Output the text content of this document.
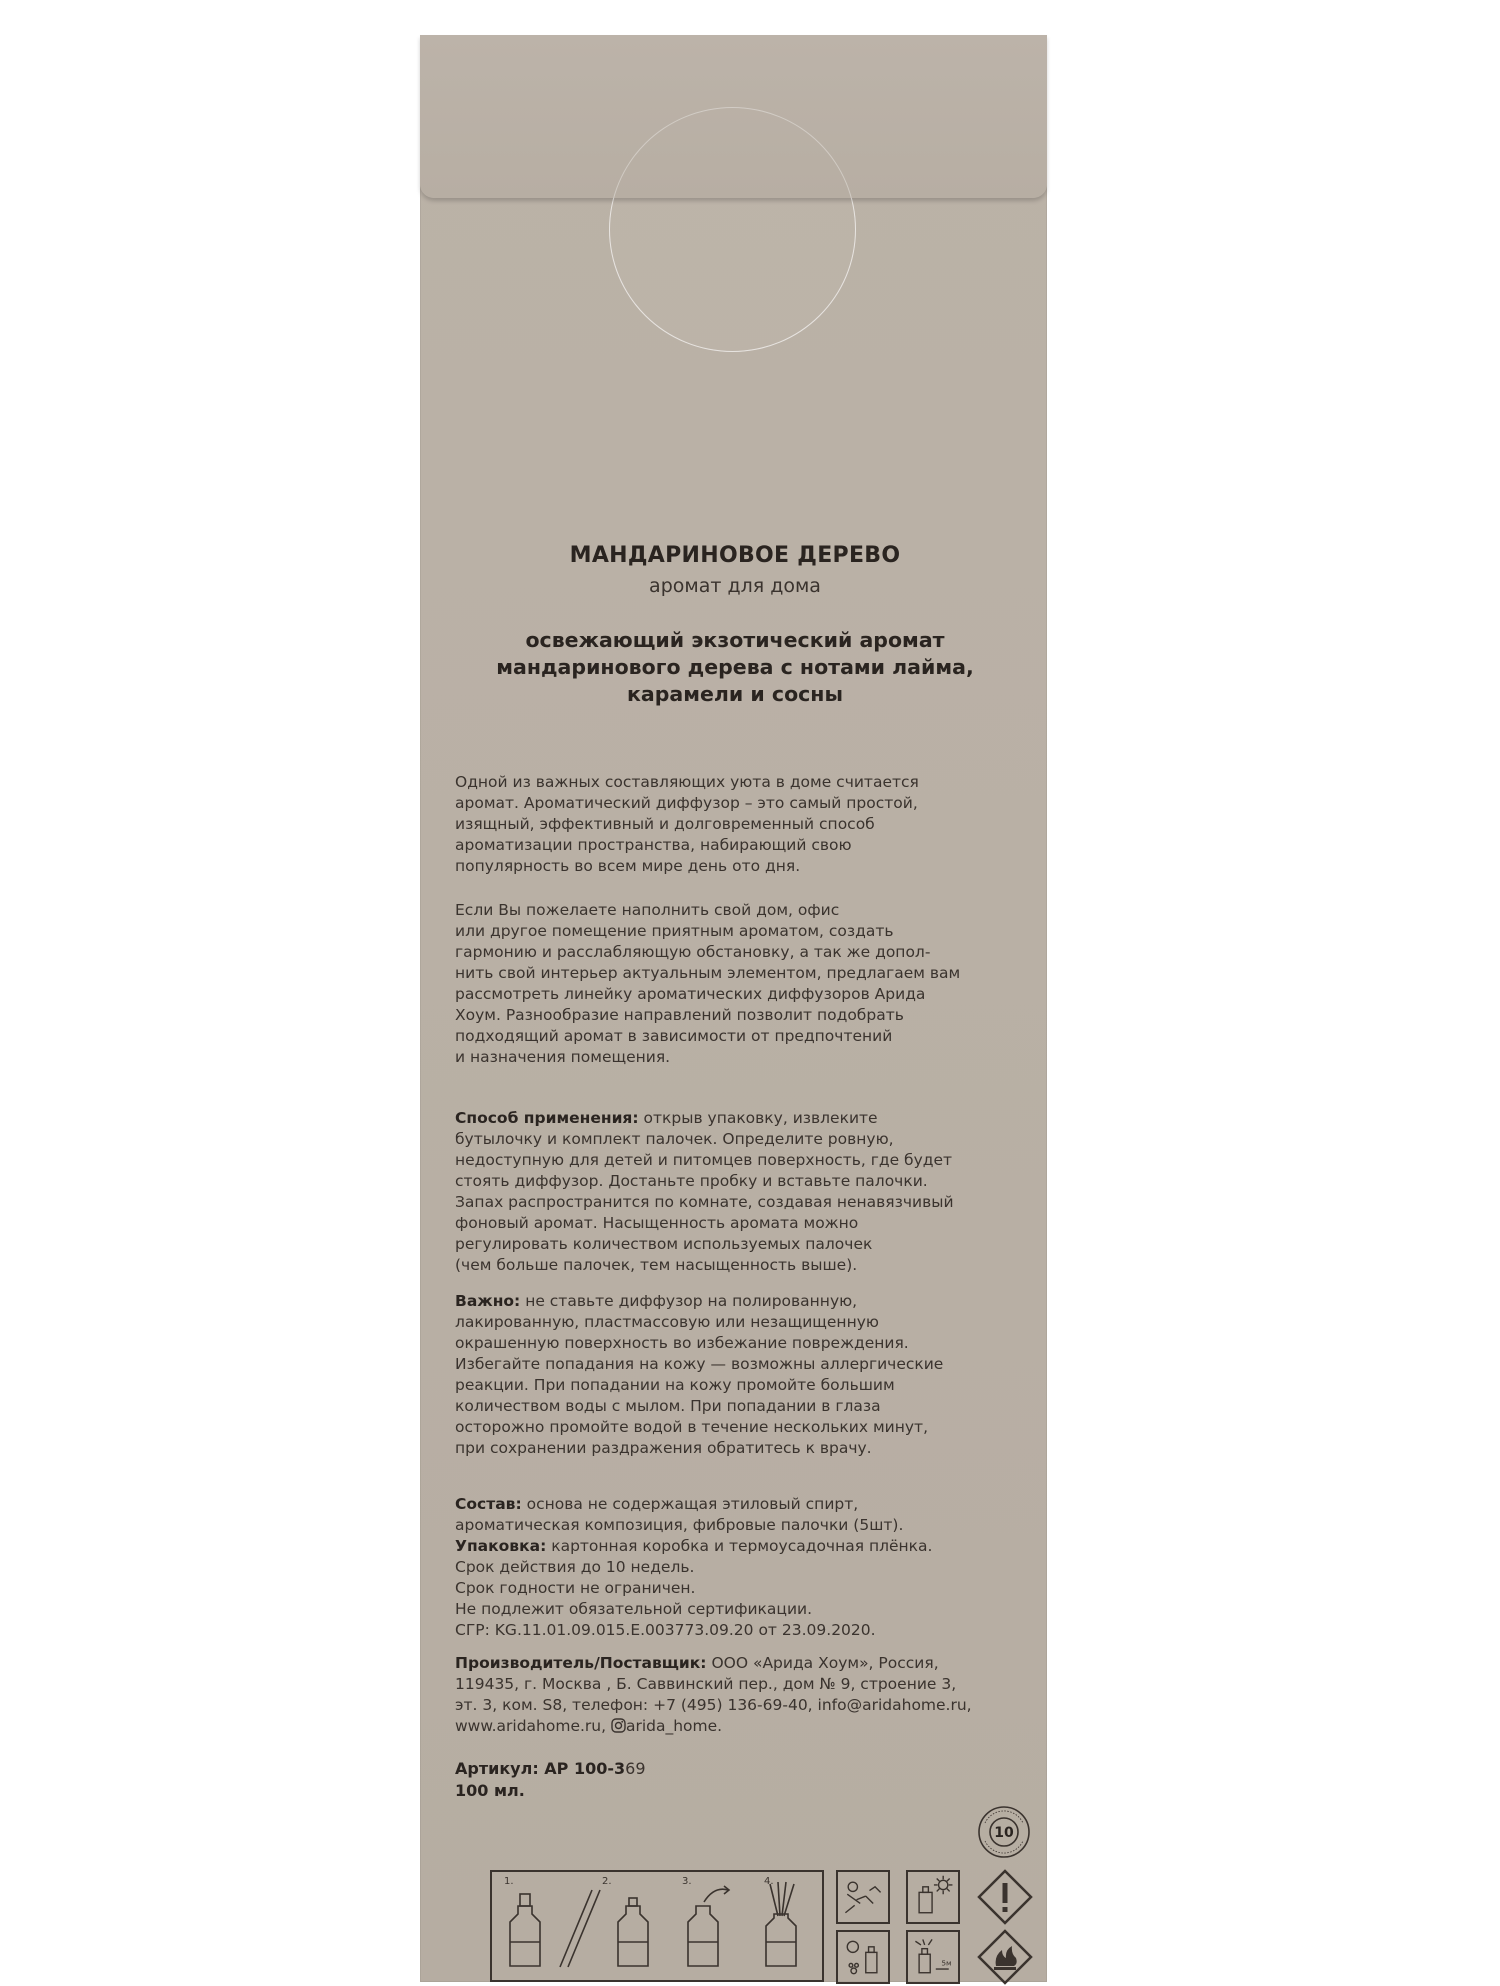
МАНДАРИНОВОЕ ДЕРЕВО
аромат для дома
освежающий экзотический аромат
мандаринового дерева с нотами лайма,
карамели и сосны
Одной из важных составляющих уюта в доме считается
аромат. Ароматический диффузор – это самый простой,
изящный, эффективный и долговременный способ
ароматизации пространства, набирающий свою
популярность во всем мире день ото дня.
Если Вы пожелаете наполнить свой дом, офис
или другое помещение приятным ароматом, создать
гармонию и расслабляющую обстановку, а так же допол-
нить свой интерьер актуальным элементом, предлагаем вам
рассмотреть линейку ароматических диффузоров Арида
Хоум. Разнообразие направлений позволит подобрать
подходящий аромат в зависимости от предпочтений
и назначения помещения.
Способ применения: открыв упаковку, извлеките
бутылочку и комплект палочек. Определите ровную,
недоступную для детей и питомцев поверхность, где будет
стоять диффузор. Достаньте пробку и вставьте палочки.
Запах распространится по комнате, создавая ненавязчивый
фоновый аромат. Насыщенность аромата можно
регулировать количеством используемых палочек
(чем больше палочек, тем насыщенность выше).
Важно: не ставьте диффузор на полированную,
лакированную, пластмассовую или незащищенную
окрашенную поверхность во избежание повреждения.
Избегайте попадания на кожу — возможны аллергические
реакции. При попадании на кожу промойте большим
количеством воды с мылом. При попадании в глаза
осторожно промойте водой в течение нескольких минут,
при сохранении раздражения обратитесь к врачу.
Состав: основа не содержащая этиловый спирт,
ароматическая композиция, фибровые палочки (5шт).
Упаковка: картонная коробка и термоусадочная плёнка.
Срок действия до 10 недель.
Срок годности не ограничен.
Не подлежит обязательной сертификации.
СГР: KG.11.01.09.015.Е.003773.09.20 от 23.09.2020.
Производитель/Поставщик: ООО «Арида Хоум», Россия,
119435, г. Москва , Б. Саввинский пер., дом № 9, строение 3,
эт. 3, ком. S8, телефон: +7 (495) 136-69-40, info@aridahome.ru,
www.aridahome.ru, arida_home.
Артикул: АР 100-369
100 мл.
10
1.	2.	3.	4.
5м
